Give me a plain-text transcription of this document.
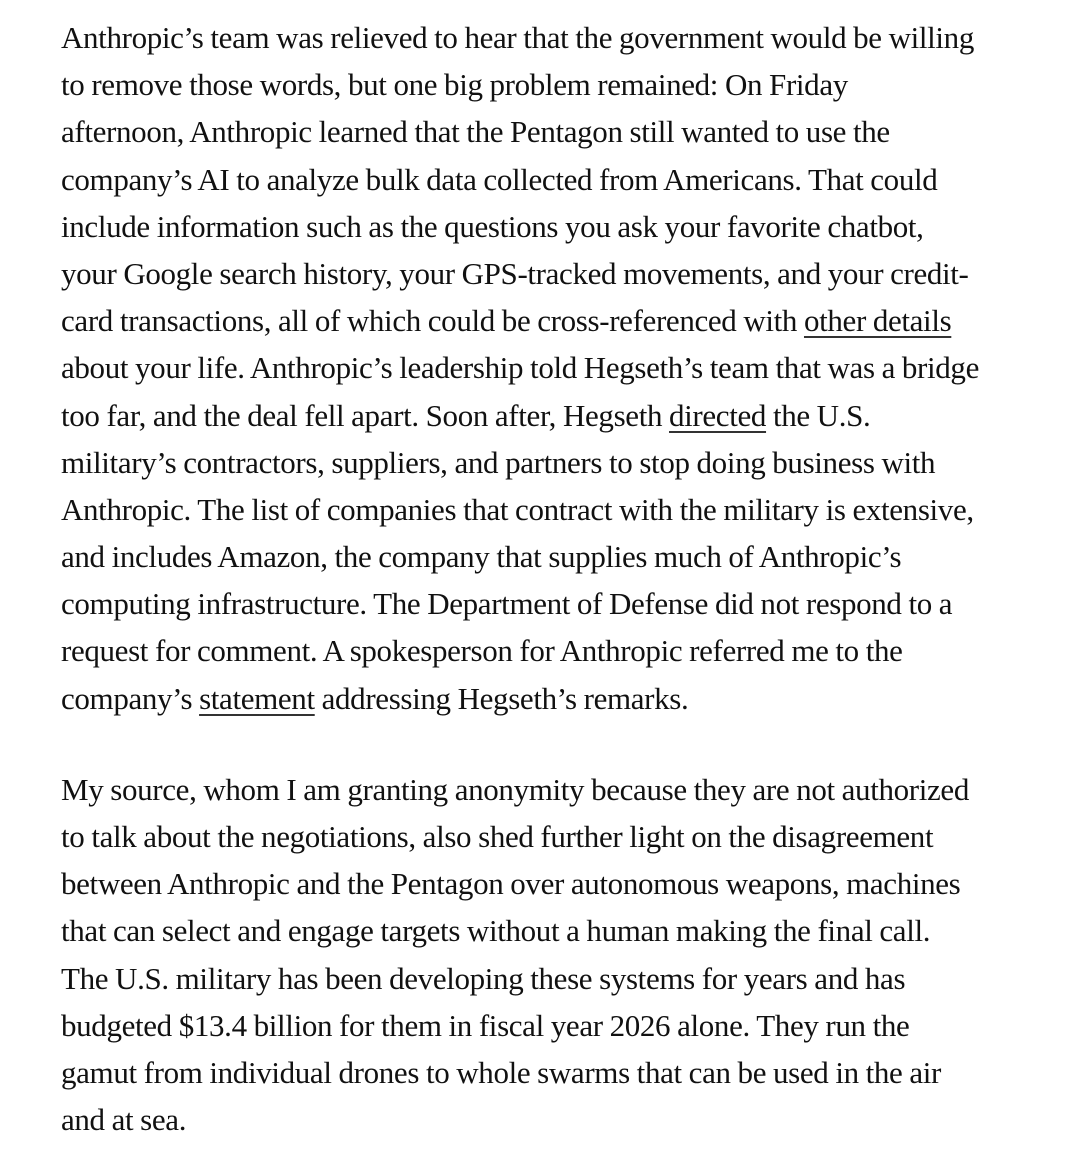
Anthropic’s team was relieved to hear that the government would be willing
to remove those words, but one big problem remained: On Friday
afternoon, Anthropic learned that the Pentagon still wanted to use the
company’s AI to analyze bulk data collected from Americans. That could
include information such as the questions you ask your favorite chatbot,
your Google search history, your GPS-tracked movements, and your credit-
card transactions, all of which could be cross-referenced with other details
about your life. Anthropic’s leadership told Hegseth’s team that was a bridge
too far, and the deal fell apart. Soon after, Hegseth directed the U.S.
military’s contractors, suppliers, and partners to stop doing business with
Anthropic. The list of companies that contract with the military is extensive,
and includes Amazon, the company that supplies much of Anthropic’s
computing infrastructure. The Department of Defense did not respond to a
request for comment. A spokesperson for Anthropic referred me to the
company’s statement addressing Hegseth’s remarks.

My source, whom I am granting anonymity because they are not authorized
to talk about the negotiations, also shed further light on the disagreement
between Anthropic and the Pentagon over autonomous weapons, machines
that can select and engage targets without a human making the final call.
The U.S. military has been developing these systems for years and has
budgeted $13.4 billion for them in fiscal year 2026 alone. They run the
gamut from individual drones to whole swarms that can be used in the air
and at sea.
